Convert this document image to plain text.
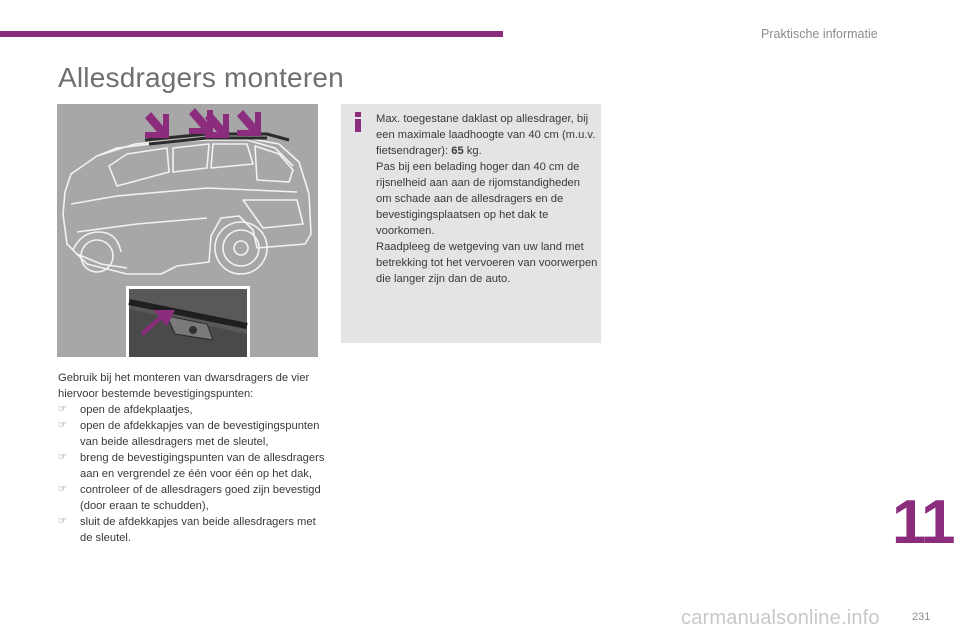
Praktische informatie
Allesdragers monteren

Max. toegestane daklast op allesdrager, bij een maximale laadhoogte van 40 cm (m.u.v. fietsendrager): 65 kg.

Pas bij een belading hoger dan 40 cm de rijsnelheid aan aan de rijomstandigheden om schade aan de allesdragers en de bevestigingsplaatsen op het dak te voorkomen.

Raadpleeg de wetgeving van uw land met betrekking tot het vervoeren van voorwerpen die langer zijn dan de auto.

Gebruik bij het monteren van dwarsdragers de vier hiervoor bestemde bevestigingspunten:

☞ open de afdekplaatjes,
☞ open de afdekkapjes van de bevestigingspunten van beide allesdragers met de sleutel,
☞ breng de bevestigingspunten van de allesdragers aan en vergrendel ze één voor één op het dak,
☞ controleer of de allesdragers goed zijn bevestigd (door eraan te schudden),
☞ sluit de afdekkapjes van beide allesdragers met de sleutel.	11
carmanualsonline.info	231
